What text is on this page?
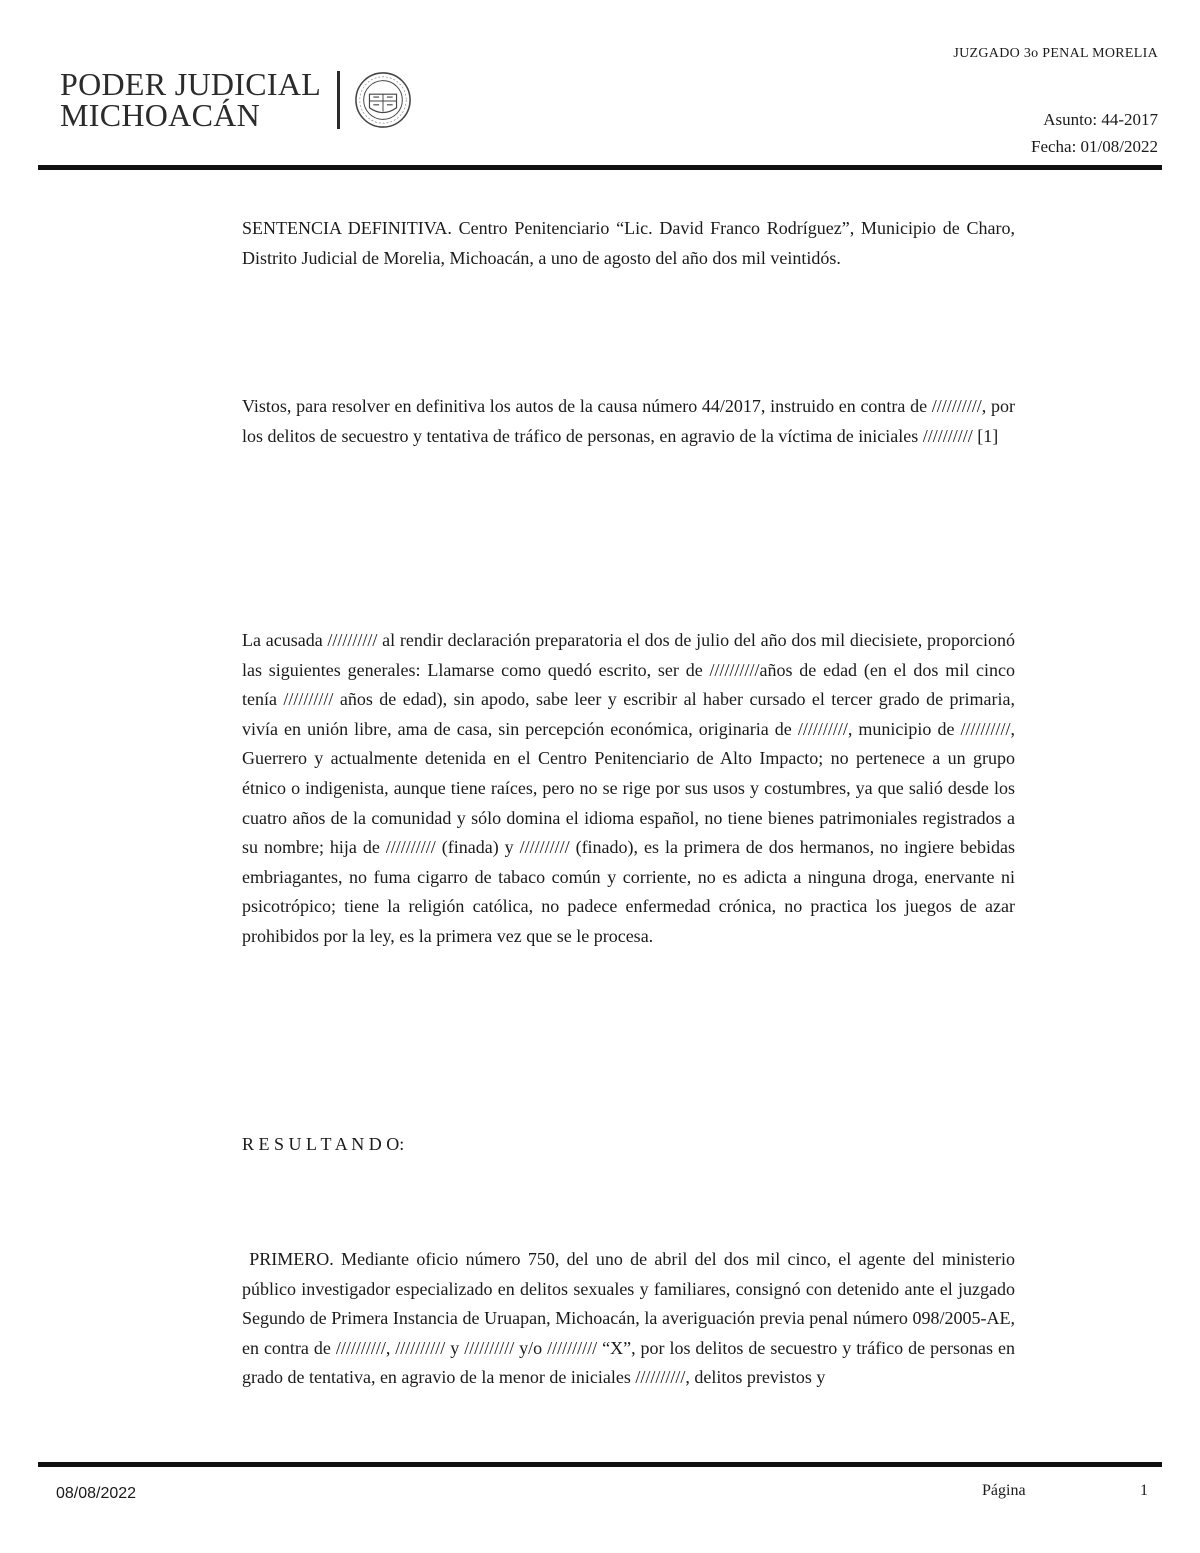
PODER JUDICIAL
MICHOACÁN
JUZGADO 3o PENAL MORELIA
Asunto: 44-2017
Fecha: 01/08/2022
SENTENCIA DEFINITIVA. Centro Penitenciario “Lic. David Franco Rodríguez”, Municipio de Charo, Distrito Judicial de Morelia, Michoacán, a uno de agosto del año dos mil veintidós.
Vistos, para resolver en definitiva los autos de la causa número 44/2017, instruido en contra de //////////, por los delitos de secuestro y tentativa de tráfico de personas, en agravio de la víctima de iniciales ////////// [1]
La acusada ////////// al rendir declaración preparatoria el dos de julio del año dos mil diecisiete, proporcionó las siguientes generales: Llamarse como quedó escrito, ser de //////////años de edad (en el dos mil cinco tenía ////////// años de edad), sin apodo, sabe leer y escribir al haber cursado el tercer grado de primaria, vivía en unión libre, ama de casa, sin percepción económica, originaria de //////////, municipio de //////////, Guerrero y actualmente detenida en el Centro Penitenciario de Alto Impacto; no pertenece a un grupo étnico o indigenista, aunque tiene raíces, pero no se rige por sus usos y costumbres, ya que salió desde los cuatro años de la comunidad y sólo domina el idioma español, no tiene bienes patrimoniales registrados a su nombre; hija de ////////// (finada) y ////////// (finado), es la primera de dos hermanos, no ingiere bebidas embriagantes, no fuma cigarro de tabaco común y corriente, no es adicta a ninguna droga, enervante ni psicotrópico; tiene la religión católica, no padece enfermedad crónica, no practica los juegos de azar prohibidos por la ley, es la primera vez que se le procesa.
R E S U L T A N D O:
PRIMERO. Mediante oficio número 750, del uno de abril del dos mil cinco, el agente del ministerio público investigador especializado en delitos sexuales y familiares, consignó con detenido ante el juzgado Segundo de Primera Instancia de Uruapan, Michoacán, la averiguación previa penal número 098/2005-AE, en contra de //////////, ////////// y ////////// y/o ////////// “X”, por los delitos de secuestro y tráfico de personas en grado de tentativa, en agravio de la menor de iniciales //////////, delitos previstos y
08/08/2022	Página	1
